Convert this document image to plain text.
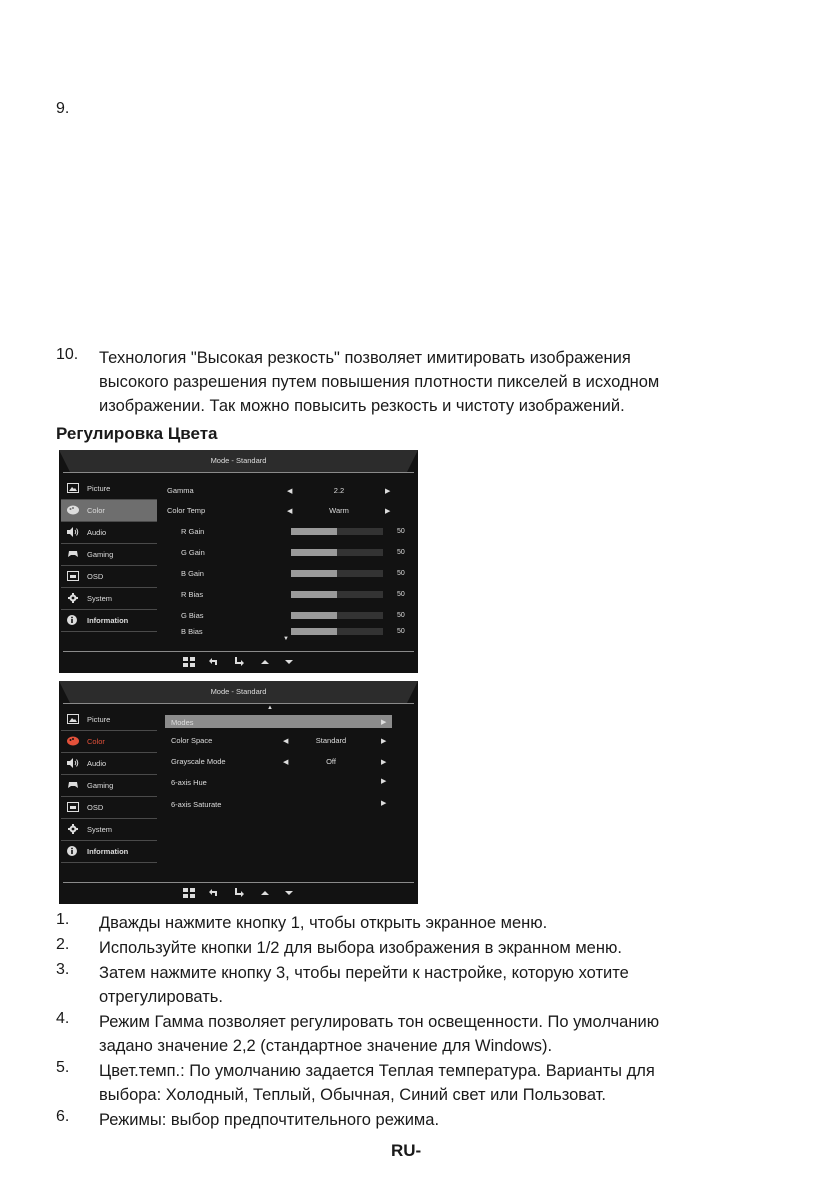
9.
10. Технология "Высокая резкость" позволяет имитировать изображения
высокого разрешения путем повышения плотности пикселей в исходном
изображении. Так можно повысить резкость и чистоту изображений.
Регулировка Цвета
Mode - Standard
Picture
Color
Audio
Gaming
OSD
System
Information
Gamma	◀	2.2	▶
Color Temp	◀	Warm	▶
▼
R Gain	50
G Gain	50
B Gain	50
R Bias	50
G Bias	50
B Bias	50
Mode - Standard
▲
Picture
Color
Audio
Gaming
OSD
System
Information
Modes	▶
Color Space	◀	Standard	▶
Grayscale Mode	◀	Off	▶
6-axis Hue	▶
6-axis Saturate	▶
1. Дважды нажмите кнопку 1, чтобы открыть экранное меню.
2. Используйте кнопки 1/2 для выбора изображения в экранном меню.
3. Затем нажмите кнопку 3, чтобы перейти к настройке, которую хотите
отрегулировать.
4. Режим Гамма позволяет регулировать тон освещенности. По умолчанию
задано значение 2,2 (стандартное значение для Windows).
5. Цвет.темп.: По умолчанию задается Теплая температура. Варианты для
выбора: Холодный, Теплый, Обычная, Синий свет или Пользоват.
6. Режимы: выбор предпочтительного режима.
RU-
